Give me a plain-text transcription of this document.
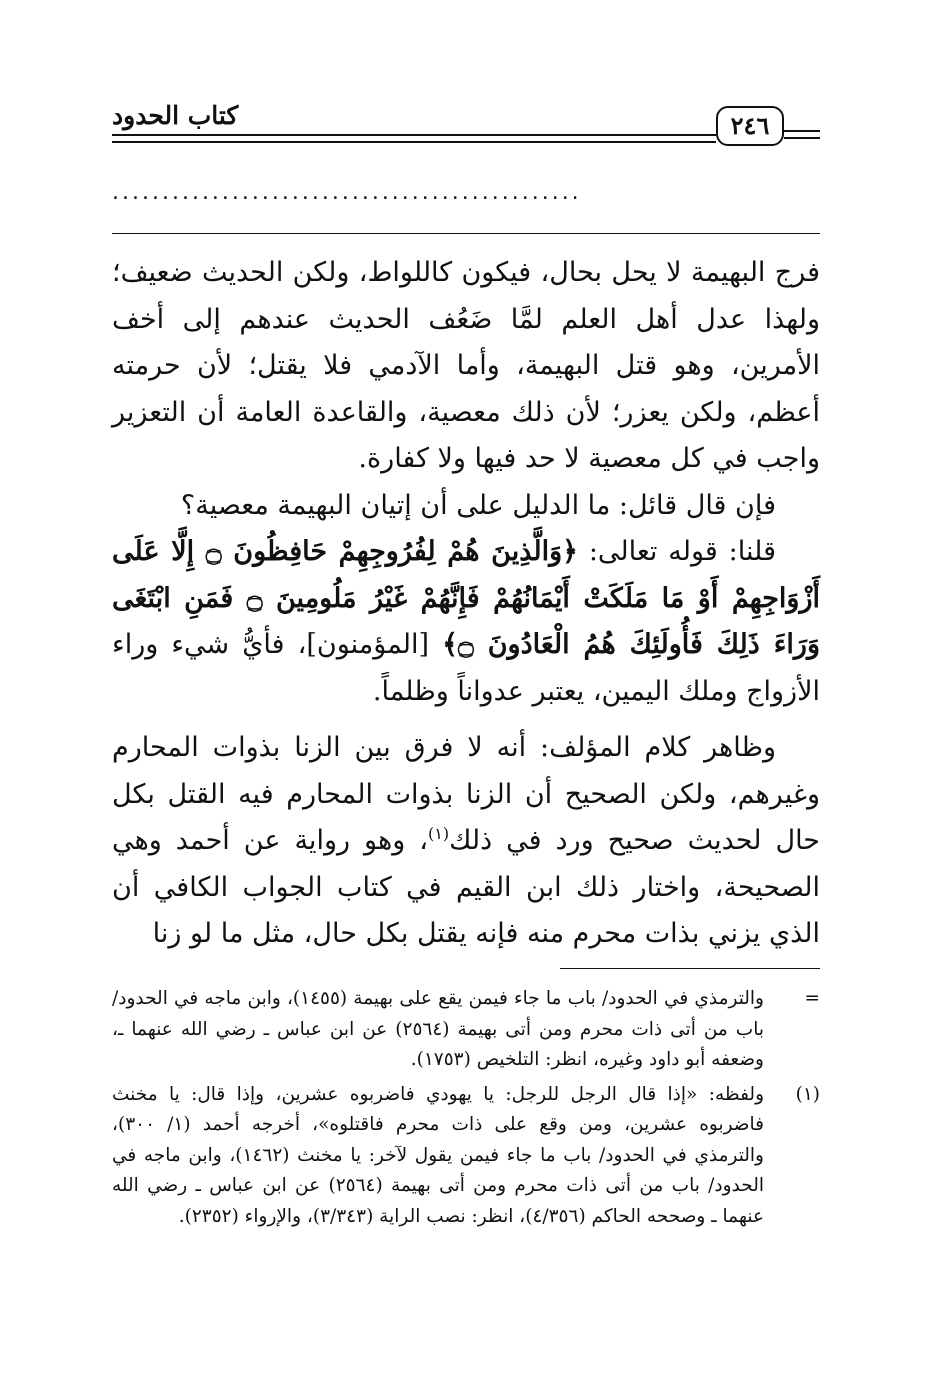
كتاب الحدود	٢٤٦
...............................................

فرج البهيمة لا يحل بحال، فيكون كاللواط، ولكن الحديث ضعيف؛ ولهذا عدل أهل العلم لمَّا ضَعُف الحديث عندهم إلى أخف الأمرين، وهو قتل البهيمة، وأما الآدمي فلا يقتل؛ لأن حرمته أعظم، ولكن يعزر؛ لأن ذلك معصية، والقاعدة العامة أن التعزير واجب في كل معصية لا حد فيها ولا كفارة.

فإن قال قائل: ما الدليل على أن إتيان البهيمة معصية؟

قلنا: قوله تعالى: ﴿وَالَّذِينَ هُمْ لِفُرُوجِهِمْ حَافِظُونَ ۝ إِلَّا عَلَى أَزْوَاجِهِمْ أَوْ مَا مَلَكَتْ أَيْمَانُهُمْ فَإِنَّهُمْ غَيْرُ مَلُومِينَ ۝ فَمَنِ ابْتَغَى وَرَاءَ ذَلِكَ فَأُولَئِكَ هُمُ الْعَادُونَ ۝﴾ [المؤمنون]، فأيُّ شيء وراء الأزواج وملك اليمين، يعتبر عدواناً وظلماً.

وظاهر كلام المؤلف: أنه لا فرق بين الزنا بذوات المحارم وغيرهم، ولكن الصحيح أن الزنا بذوات المحارم فيه القتل بكل حال لحديث صحيح ورد في ذلك$^{(١)}$، وهو رواية عن أحمد وهي الصحيحة، واختار ذلك ابن القيم في كتاب الجواب الكافي أن الذي يزني بذات محرم منه فإنه يقتل بكل حال، مثل ما لو زنا

=
والترمذي في الحدود/ باب ما جاء فيمن يقع على بهيمة (١٤٥٥)، وابن ماجه في الحدود/ باب من أتى ذات محرم ومن أتى بهيمة (٢٥٦٤) عن ابن عباس ـ رضي الله عنهما ـ، وضعفه أبو داود وغيره، انظر: التلخيص (١٧٥٣).
(١)
ولفظه: «إذا قال الرجل للرجل: يا يهودي فاضربوه عشرين، وإذا قال: يا مخنث فاضربوه عشرين، ومن وقع على ذات محرم فاقتلوه»، أخرجه أحمد (١/ ٣٠٠)، والترمذي في الحدود/ باب ما جاء فيمن يقول لآخر: يا مخنث (١٤٦٢)، وابن ماجه في الحدود/ باب من أتى ذات محرم ومن أتى بهيمة (٢٥٦٤) عن ابن عباس ـ رضي الله عنهما ـ وصححه الحاكم (٤/٣٥٦)، انظر: نصب الراية (٣/٣٤٣)، والإرواء (٢٣٥٢).
